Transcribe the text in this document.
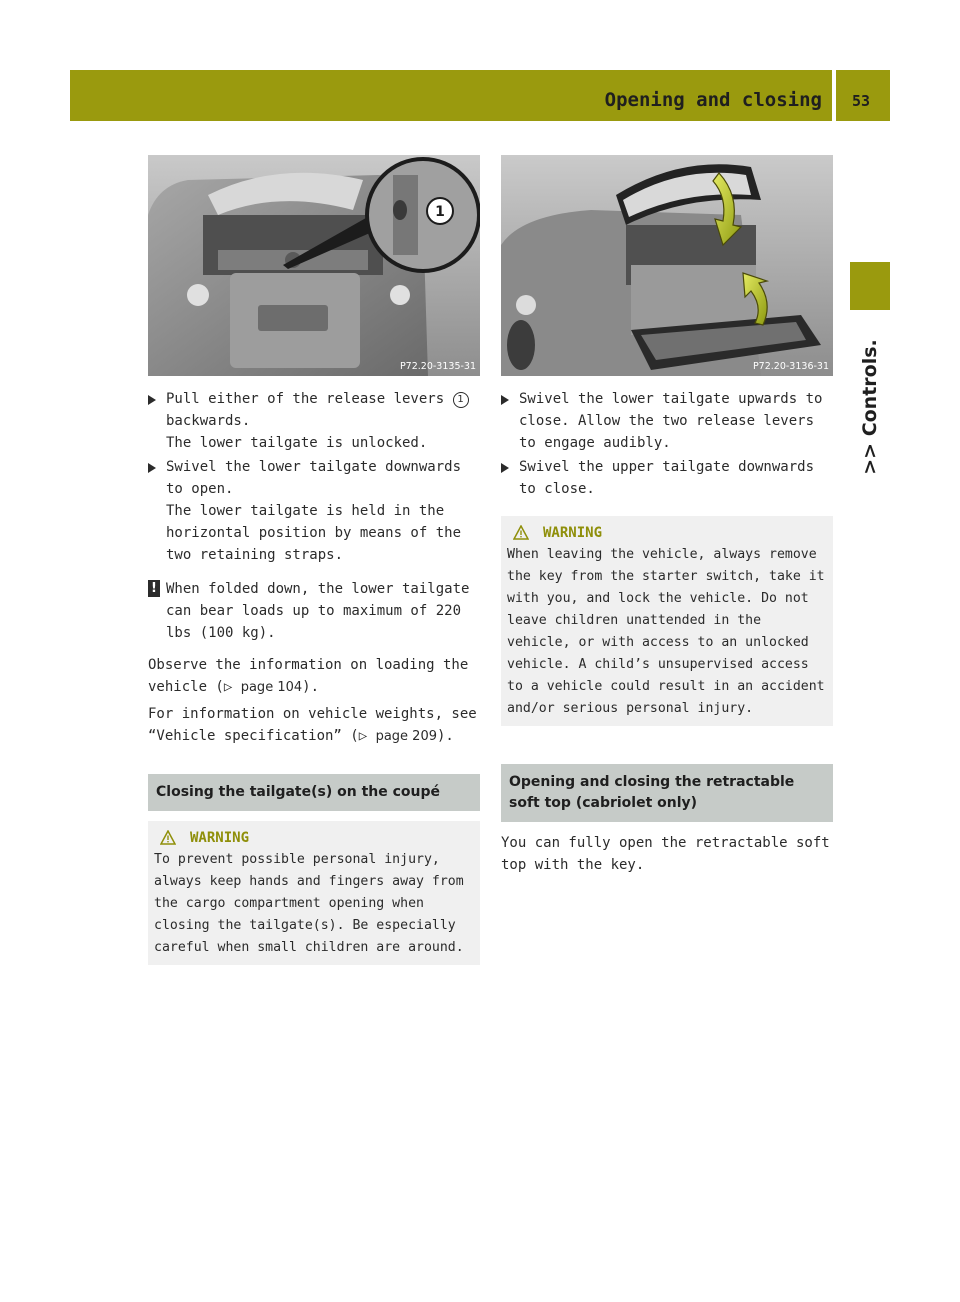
Opening and closing 53
>> Controls.
1
P72.20-3135-31	P72.20-3136-31
Pull either of the release levers 1
backwards.
The lower tailgate is unlocked.
Swivel the lower tailgate downwards to open.
The lower tailgate is held in the horizontal position by means of the two retaining straps.
! When folded down, the lower tailgate can bear loads up to maximum of 220 lbs (100 kg).
Observe the information on loading the vehicle (▷ page 104).
For information on vehicle weights, see “Vehicle specification” (▷ page 209).
Closing the tailgate(s) on the coupé
WARNING
To prevent possible personal injury, always keep hands and fingers away from the cargo compartment opening when closing the tailgate(s). Be especially careful when small children are around.
Swivel the lower tailgate upwards to close. Allow the two release levers to engage audibly.
Swivel the upper tailgate downwards to close.
WARNING
When leaving the vehicle, always remove the key from the starter switch, take it with you, and lock the vehicle. Do not leave children unattended in the vehicle, or with access to an unlocked vehicle. A child’s unsupervised access to a vehicle could result in an accident and/or serious personal injury.
Opening and closing the retractable soft top (cabriolet only)
You can fully open the retractable soft top with the key.
